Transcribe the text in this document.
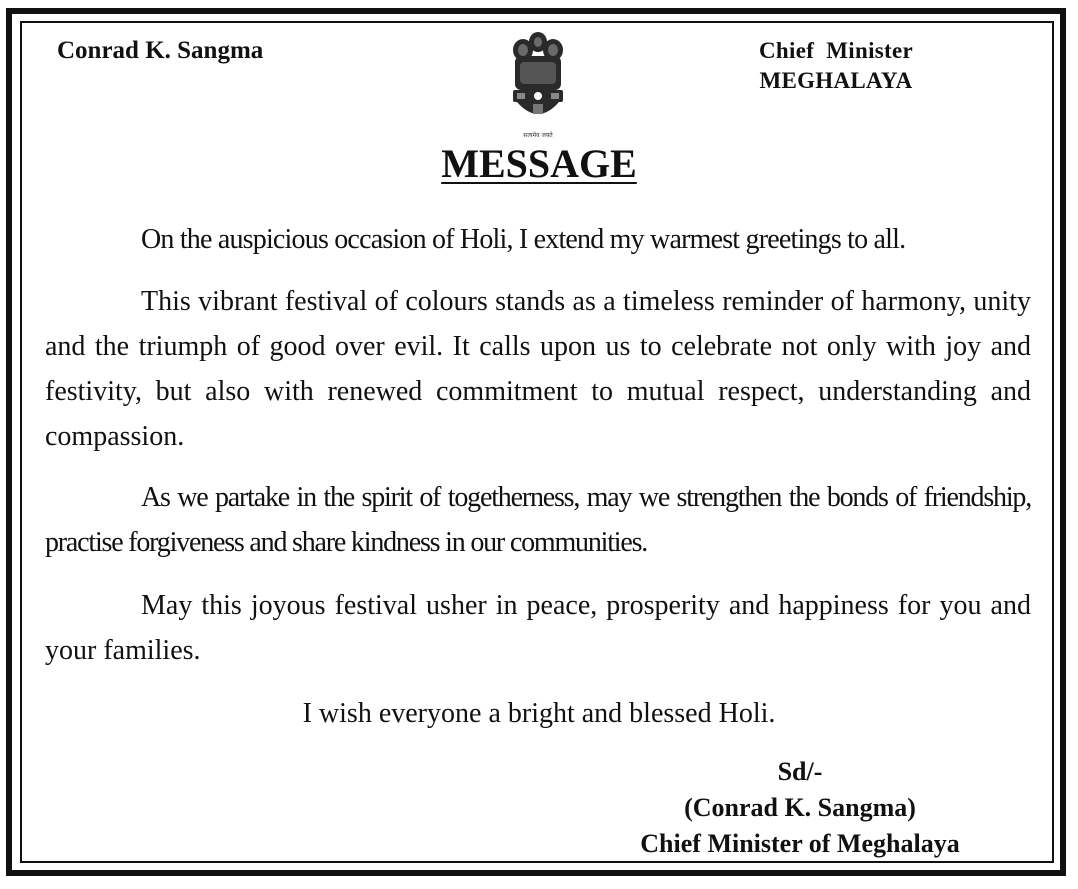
Conrad K. Sangma
सत्यमेव जयते
Chief  Minister
MEGHALAYA
MESSAGE

On the auspicious occasion of Holi, I extend my warmest greetings to all.

This vibrant festival of colours stands as a timeless reminder of harmony, unity and the triumph of good over evil. It calls upon us to celebrate not only with joy and festivity, but also with renewed commitment to mutual respect, understanding and compassion.

As we partake in the spirit of togetherness, may we strengthen the bonds of friendship, practise forgiveness and share kindness in our communities.

May this joyous festival usher in peace, prosperity and happiness for you and your families.

I wish everyone a bright and blessed Holi.
Sd/-
(Conrad K. Sangma)
Chief Minister of Meghalaya
